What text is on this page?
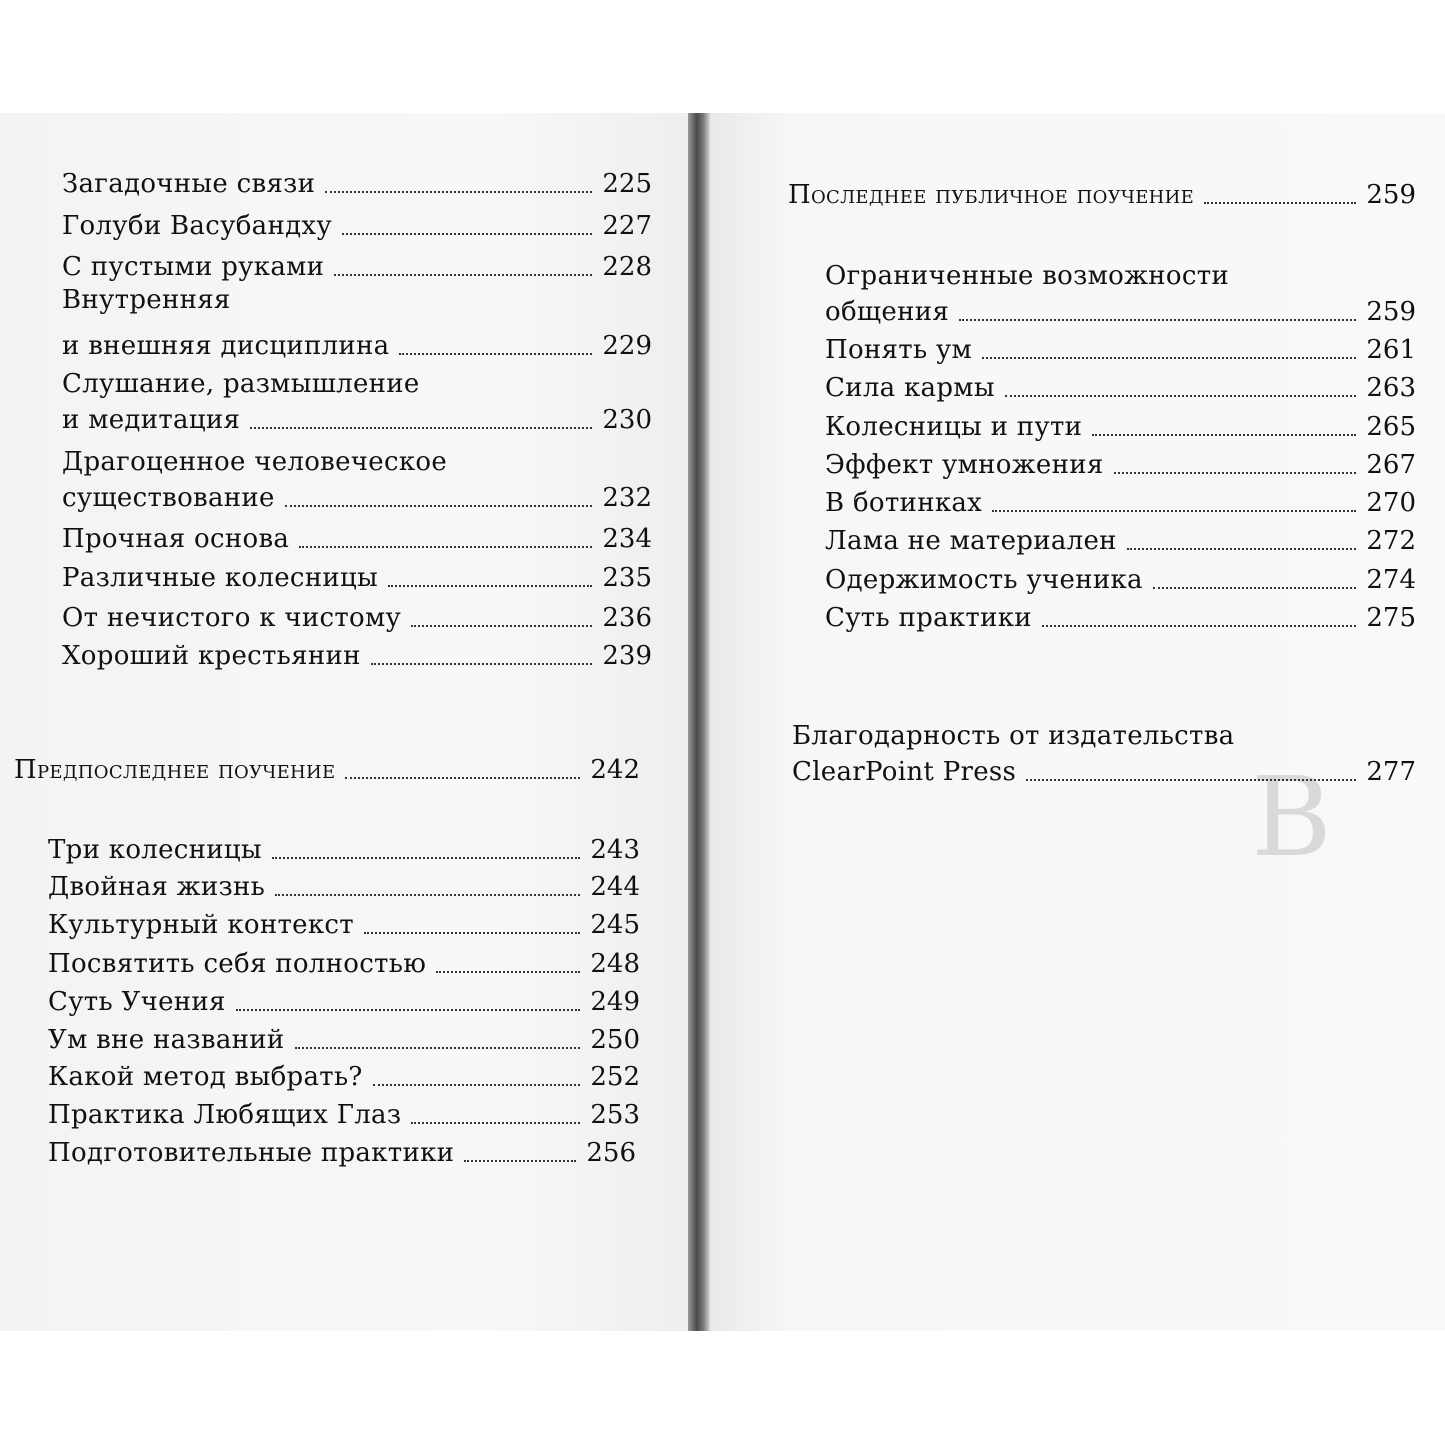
B
Загадочные связи	225
Голуби Васубандху	227
С пустыми руками	228
Внутренняя
и внешняя дисциплина	229
Слушание, размышление
и медитация	230
Драгоценное человеческое
существование	232
Прочная основа	234
Различные колесницы	235
От нечистого к чистому	236
Хороший крестьянин	239
Предпоследнее поучение	242
Три колесницы	243
Двойная жизнь	244
Культурный контекст	245
Посвятить себя полностью	248
Суть Учения	249
Ум вне названий	250
Какой метод выбрать?	252
Практика Любящих Глаз	253
Подготовительные практики	256
Последнее публичное поучение	259
Ограниченные возможности
общения	259
Понять ум	261
Сила кармы	263
Колесницы и пути	265
Эффект умножения	267
В ботинках	270
Лама не материален	272
Одержимость ученика	274
Суть практики	275
Благодарность от издательства
ClearPoint Press	277
